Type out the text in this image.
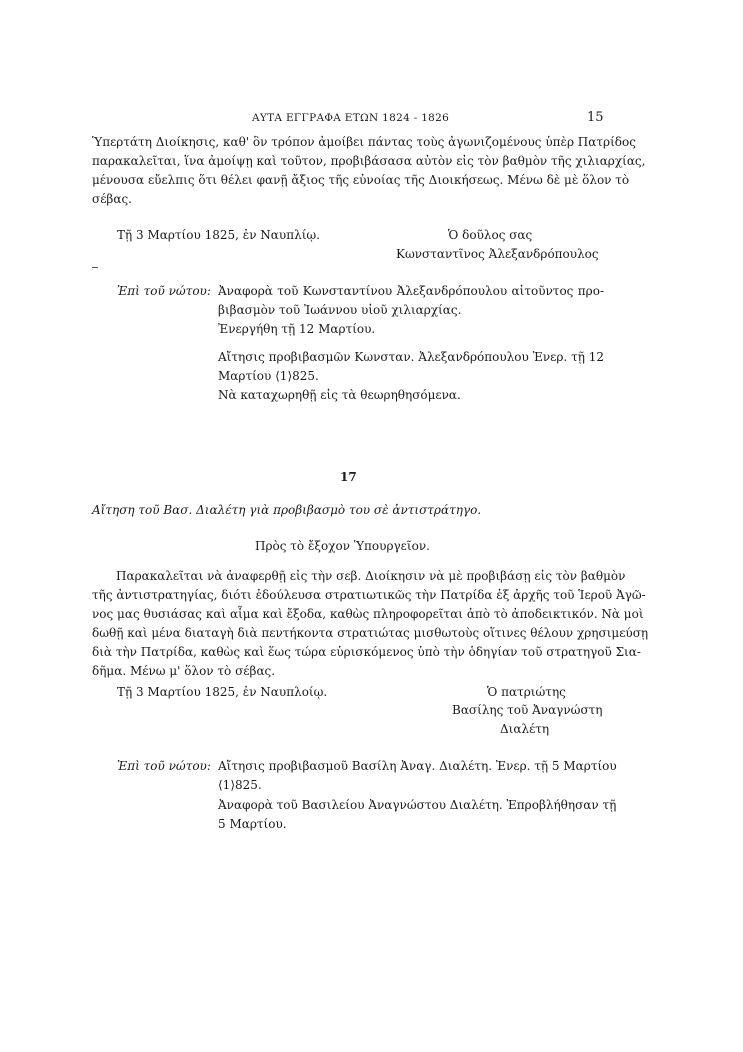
ΑΥΤΑ ΕΓΓΡΑΦΑ ΕΤΩΝ 1824 - 1826	15
Ὑπερτάτη Διοίκησις, καθ' ὃν τρόπον ἀμοίβει πάντας τοὺς ἀγωνιζομένους ὑπὲρ Πατρίδος
παρακαλεῖται, ἵνα ἀμοίψῃ καὶ τοῦτον, προβιβάσασα αὐτὸν εἰς τὸν βαθμὸν τῆς χιλιαρχίας,
μένουσα εὔελπις ὅτι θέλει φανῇ ἄξιος τῆς εὐνοίας τῆς Διοικήσεως. Μένω δὲ μὲ ὅλον τὸ
σέβας.
Τῇ 3 Μαρτίου 1825, ἐν Ναυπλίῳ.	Ὁ δοῦλος σας
Κωνσταντῖνος Ἀλεξανδρόπουλος
Ἐπὶ τοῦ νώτου: Ἀναφορὰ τοῦ Κωνσταντίνου Ἀλεξανδρόπουλου αἰτοῦντος προ-
βιβασμὸν τοῦ Ἰωάννου υἱοῦ χιλιαρχίας.
Ἐνεργήθη τῇ 12 Μαρτίου.
Αἴτησις προβιβασμῶν Κωνσταν. Ἀλεξανδρόπουλου Ἐνερ. τῇ 12
Μαρτίου ⟨1⟩825.
Νὰ καταχωρηθῇ εἰς τὰ θεωρηθησόμενα.
17
Αἴτηση τοῦ Βασ. Διαλέτη γιὰ προβιβασμὸ του σὲ ἀντιστράτηγο.
Πρὸς τὸ ἔξοχον Ὑπουργεῖον.
Παρακαλεῖται νὰ ἀναφερθῇ εἰς τὴν σεβ. Διοίκησιν νὰ μὲ προβιβάσῃ εἰς τὸν βαθμὸν
τῆς ἀντιστρατηγίας, διότι ἐδούλευσα στρατιωτικῶς τὴν Πατρίδα ἐξ ἀρχῆς τοῦ Ἱεροῦ Ἀγῶ-
νος μας θυσιάσας καὶ αἷμα καὶ ἔξοδα, καθὼς πληροφορεῖται ἀπὸ τὸ ἀποδεικτικόν. Νὰ μοὶ
δωθῇ καὶ μένα διαταγὴ διὰ πεντήκοντα στρατιώτας μισθωτοὺς οἵτινες θέλουν χρησιμεύσῃ
διὰ τὴν Πατρίδα, καθὼς καὶ ἕως τώρα εὑρισκόμενος ὑπὸ τὴν ὁδηγίαν τοῦ στρατηγοῦ Σια-
δῆμα. Μένω μ' ὅλον τὸ σέβας.
Τῇ 3 Μαρτίου 1825, ἐν Ναυπλοίῳ.	Ὁ πατριώτης
Βασίλης τοῦ Ἀναγνώστη
Διαλέτη
Ἐπὶ τοῦ νώτου: Αἴτησις προβιβασμοῦ Βασίλη Ἀναγ. Διαλέτη. Ἐνερ. τῇ 5 Μαρτίου
⟨1⟩825.
Ἀναφορὰ τοῦ Βασιλείου Ἀναγνώστου Διαλέτη. Ἐπροβλήθησαν τῇ
5 Μαρτίου.
